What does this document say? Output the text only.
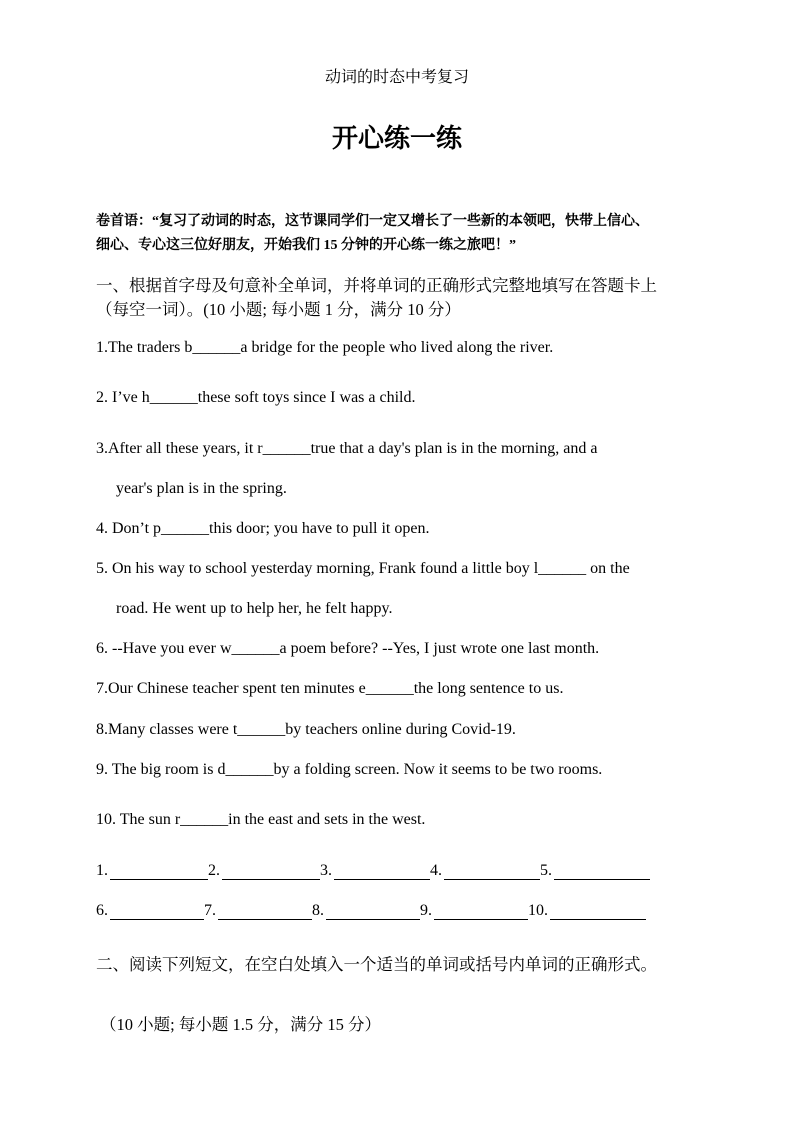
动词的时态中考复习
开心练一练
卷首语：“复习了动词的时态，这节课同学们一定又增长了一些新的本领吧，快带上信心、
细心、专心这三位好朋友，开始我们 15 分钟的开心练一练之旅吧！”
一、根据首字母及句意补全单词，并将单词的正确形式完整地填写在答题卡上
（每空一词）。(10 小题; 每小题 1 分，满分 10 分）
1.The traders b______a bridge for the people who lived along the river.
2. I’ve h______these soft toys since I was a child.
3.After all these years, it r______true that a day's plan is in the morning, and a
year's plan is in the spring.
4. Don’t p______this door; you have to pull it open.
5. On his way to school yesterday morning, Frank found a little boy l______ on the
road. He went up to help her, he felt happy.
6. --Have you ever w______a poem before? --Yes, I just wrote one last month.
7.Our Chinese teacher spent ten minutes e______the long sentence to us.
8.Many classes were t______by teachers online during Covid-19.
9. The big room is d______by a folding screen. Now it seems to be two rooms.
10. The sun r______in the east and sets in the west.
1.	2.	3.	4.	5.
6.	7.	8.	9.	10.
二、阅读下列短文，在空白处填入一个适当的单词或括号内单词的正确形式。
（10 小题; 每小题 1.5 分，满分 15 分）
